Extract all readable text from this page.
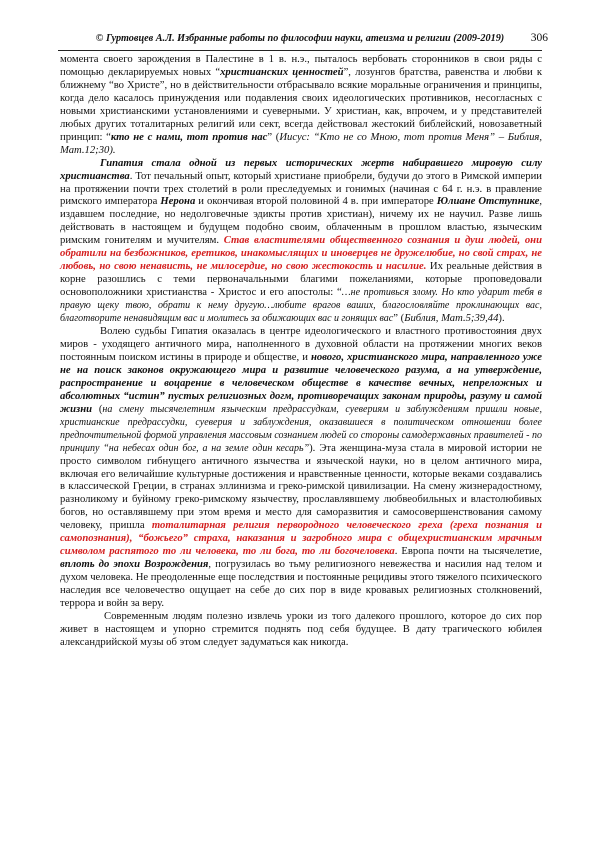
© Гуртовцев А.Л. Избранные работы по философии науки, атеизма и религии (2009-2019) 306

момента своего зарождения в Палестине в 1 в. н.э., пыталось вербовать сторонников в свои ряды с помощью декларируемых новых “христианских ценностей”, лозунгов братства, равенства и любви к ближнему “во Христе”, но в действительности отбрасывало всякие моральные ограничения и принципы, когда дело касалось принуждения или подавления своих идеологических противников, несогласных с новыми христианскими установлениями и суеверными. У христиан, как, впрочем, и у представителей любых других тоталитарных религий или сект, всегда действовал жестокий библейский, новозаветный принцип: “кто не с нами, тот против нас” (Иисус: “Кто не со Мною, тот против Меня” – Библия, Мат.12;30).

Гипатия стала одной из первых исторических жертв набиравшего мировую силу христианства. Тот печальный опыт, который христиане приобрели, будучи до этого в Римской империи на протяжении почти трех столетий в роли преследуемых и гонимых (начиная с 64 г. н.э. в правление римского императора Нерона и окончивая второй половиной 4 в. при императоре Юлиане Отступнике, издавшем последние, но недолговечные эдикты против христиан), ничему их не научил. Разве лишь действовать в настоящем и будущем подобно своим, облаченным в прошлом властью, языческим римским гонителям и мучителям. Став властителями общественного сознания и душ людей, они обратили на безбожников, еретиков, инакомыслящих и иноверцев не дружелюбие, но свой страх, не любовь, но свою ненависть, не милосердие, но свою жестокость и насилие. Их реальные действия в корне разошлись с теми первоначальными благими пожеланиями, которые проповедовали основоположники христианства - Христос и его апостолы: “…не противься злому. Но кто ударит тебя в правую щеку твою, обрати к нему другую…любите врагов ваших, благословляйте проклинающих вас, благотворите ненавидящим вас и молитесь за обижающих вас и гонящих вас” (Библия, Мат.5;39,44).

Волею судьбы Гипатия оказалась в центре идеологического и властного противостояния двух миров - уходящего античного мира, наполненного в духовной области на протяжении многих веков постоянным поиском истины в природе и обществе, и нового, христианского мира, направленного уже не на поиск законов окружающего мира и развитие человеческого разума, а на утверждение, распространение и воцарение в человеческом обществе в качестве вечных, непреложных и абсолютных “истин” пустых религиозных догм, противоречащих законам природы, разуму и самой жизни (на смену тысячелетним языческим предрассудкам, суевериям и заблуждениям пришли новые, христианские предрассудки, суеверия и заблуждения, оказавшиеся в политическом отношении более предпочтительной формой управления массовым сознанием людей со стороны самодержавных правителей - по принципу “на небесах один бог, а на земле один кесарь”). Эта женщина-муза стала в мировой истории не просто символом гибнущего античного язычества и языческой науки, но в целом античного мира, включая его величайшие культурные достижения и нравственные ценности, которые веками создавались в классической Греции, в странах эллинизма и греко-римской цивилизации. На смену жизнерадостному, разноликому и буйному греко-римскому язычеству, прославлявшему любвеобильных и властолюбивых богов, но оставлявшему при этом время и место для саморазвития и самосовершенствования самому человеку, пришла тоталитарная религия первородного человеческого греха (греха познания и самопознания), “божьего” страха, наказания и загробного мира с общехристианским мрачным символом распятого то ли человека, то ли бога, то ли богочеловека. Европа почти на тысячелетие, вплоть до эпохи Возрождения, погрузилась во тьму религиозного невежества и насилия над телом и духом человека. Не преодоленные еще последствия и постоянные рецидивы этого тяжелого психического наследия все человечество ощущает на себе до сих пор в виде кровавых религиозных столкновений, террора и войн за веру.

Современным людям полезно извлечь уроки из того далекого прошлого, которое до сих пор живет в настоящем и упорно стремится поднять под себя будущее. В дату трагического юбилея александрийской музы об этом следует задуматься как никогда.
